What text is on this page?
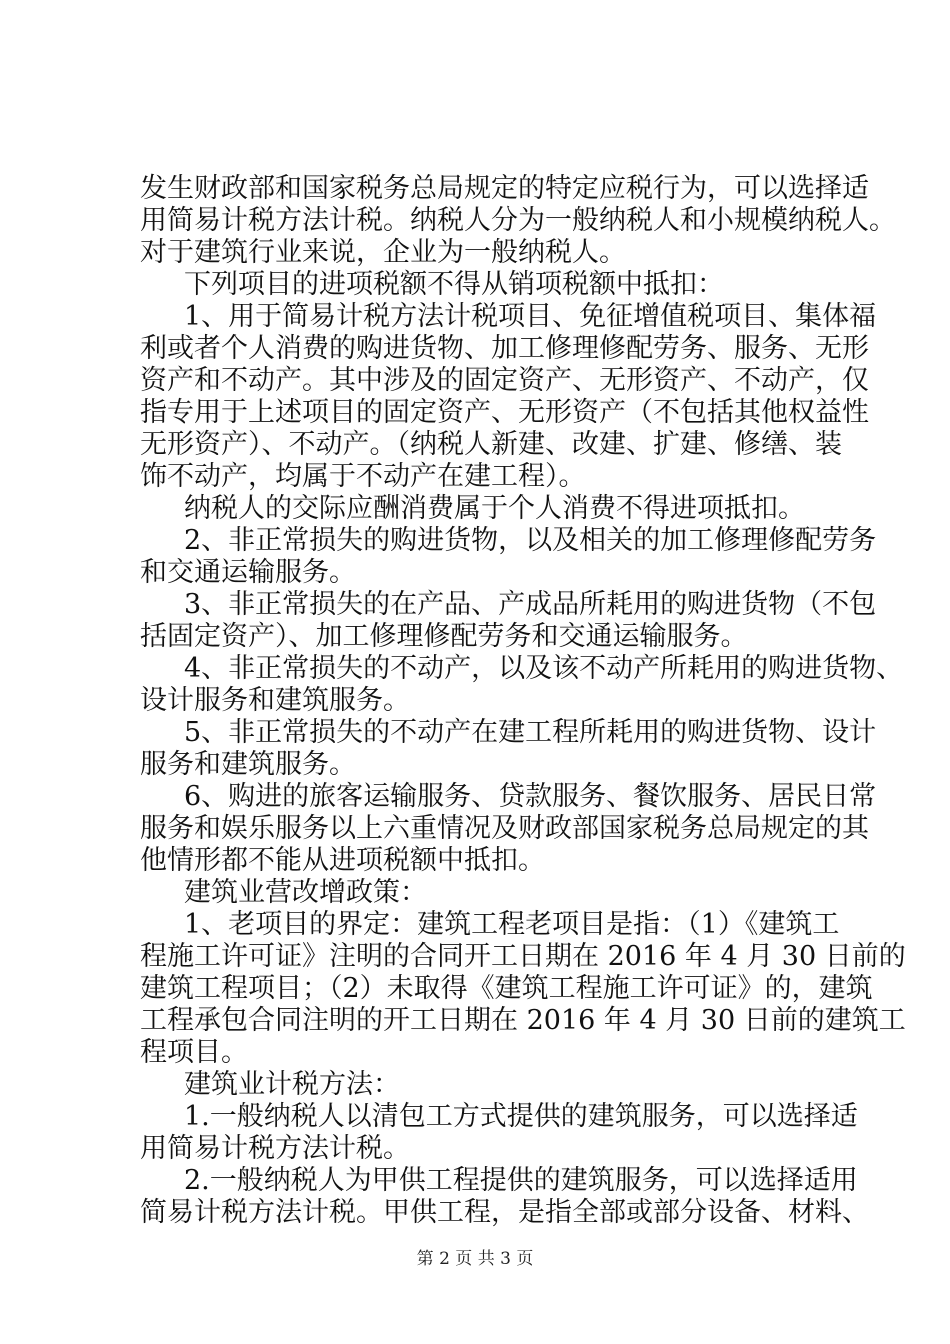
发生财政部和国家税务总局规定的特定应税行为，可以选择适
用简易计税方法计税。纳税人分为一般纳税人和小规模纳税人。
对于建筑行业来说，企业为一般纳税人。
下列项目的进项税额不得从销项税额中抵扣：
1、用于简易计税方法计税项目、免征增值税项目、集体福
利或者个人消费的购进货物、加工修理修配劳务、服务、无形
资产和不动产。其中涉及的固定资产、无形资产、不动产，仅
指专用于上述项目的固定资产、无形资产（不包括其他权益性
无形资产）、不动产。（纳税人新建、改建、扩建、修缮、装
饰不动产，均属于不动产在建工程）。
纳税人的交际应酬消费属于个人消费不得进项抵扣。
2、非正常损失的购进货物，以及相关的加工修理修配劳务
和交通运输服务。
3、非正常损失的在产品、产成品所耗用的购进货物（不包
括固定资产）、加工修理修配劳务和交通运输服务。
4、非正常损失的不动产，以及该不动产所耗用的购进货物、
设计服务和建筑服务。
5、非正常损失的不动产在建工程所耗用的购进货物、设计
服务和建筑服务。
6、购进的旅客运输服务、贷款服务、餐饮服务、居民日常
服务和娱乐服务以上六重情况及财政部国家税务总局规定的其
他情形都不能从进项税额中抵扣。
建筑业营改增政策：
1、老项目的界定：建筑工程老项目是指：（1）《建筑工
程施工许可证》注明的合同开工日期在 2016 年 4 月 30 日前的
建筑工程项目；（2）未取得《建筑工程施工许可证》的，建筑
工程承包合同注明的开工日期在 2016 年 4 月 30 日前的建筑工
程项目。
建筑业计税方法：
1.一般纳税人以清包工方式提供的建筑服务，可以选择适
用简易计税方法计税。
2.一般纳税人为甲供工程提供的建筑服务，可以选择适用
简易计税方法计税。甲供工程，是指全部或部分设备、材料、
第 2 页 共 3 页
